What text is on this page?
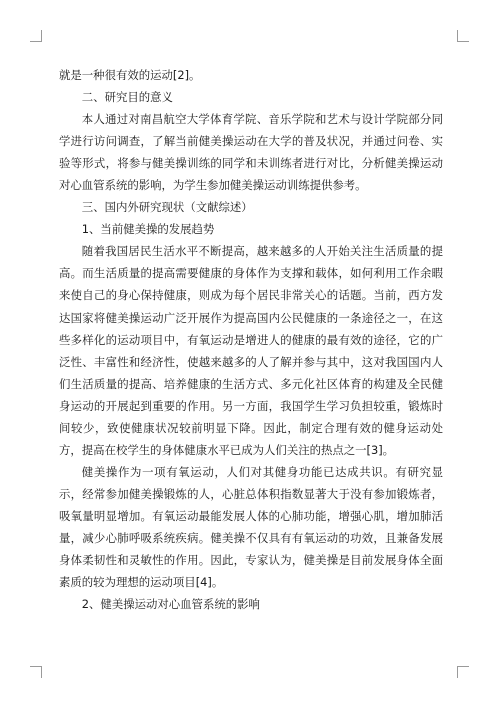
就是一种很有效的运动[2]。

二、研究目的意义

本人通过对南昌航空大学体育学院、音乐学院和艺术与设计学院部分同学进行访问调查，了解当前健美操运动在大学的普及状况，并通过问卷、实验等形式，将参与健美操训练的同学和未训练者进行对比，分析健美操运动对心血管系统的影响，为学生参加健美操运动训练提供参考。

三、国内外研究现状（文献综述）

1、当前健美操的发展趋势

随着我国居民生活水平不断提高，越来越多的人开始关注生活质量的提高。而生活质量的提高需要健康的身体作为支撑和载体，如何利用工作余暇来使自己的身心保持健康，则成为每个居民非常关心的话题。当前，西方发达国家将健美操运动广泛开展作为提高国内公民健康的一条途径之一，在这些多样化的运动项目中，有氧运动是增进人的健康的最有效的途径，它的广泛性、丰富性和经济性，使越来越多的人了解并参与其中，这对我国国内人们生活质量的提高、培养健康的生活方式、多元化社区体育的构建及全民健身运动的开展起到重要的作用。另一方面，我国学生学习负担较重，锻炼时间较少，致使健康状况较前明显下降。因此，制定合理有效的健身运动处方，提高在校学生的身体健康水平已成为人们关注的热点之一[3]。

健美操作为一项有氧运动，人们对其健身功能已达成共识。有研究显示，经常参加健美操锻炼的人，心脏总体积指数显著大于没有参加锻炼者，吸氧量明显增加。有氧运动最能发展人体的心肺功能，增强心肌，增加肺活量，减少心肺呼吸系统疾病。健美操不仅具有有氧运动的功效，且兼备发展身体柔韧性和灵敏性的作用。因此，专家认为，健美操是目前发展身体全面素质的较为理想的运动项目[4]。

2、健美操运动对心血管系统的影响
